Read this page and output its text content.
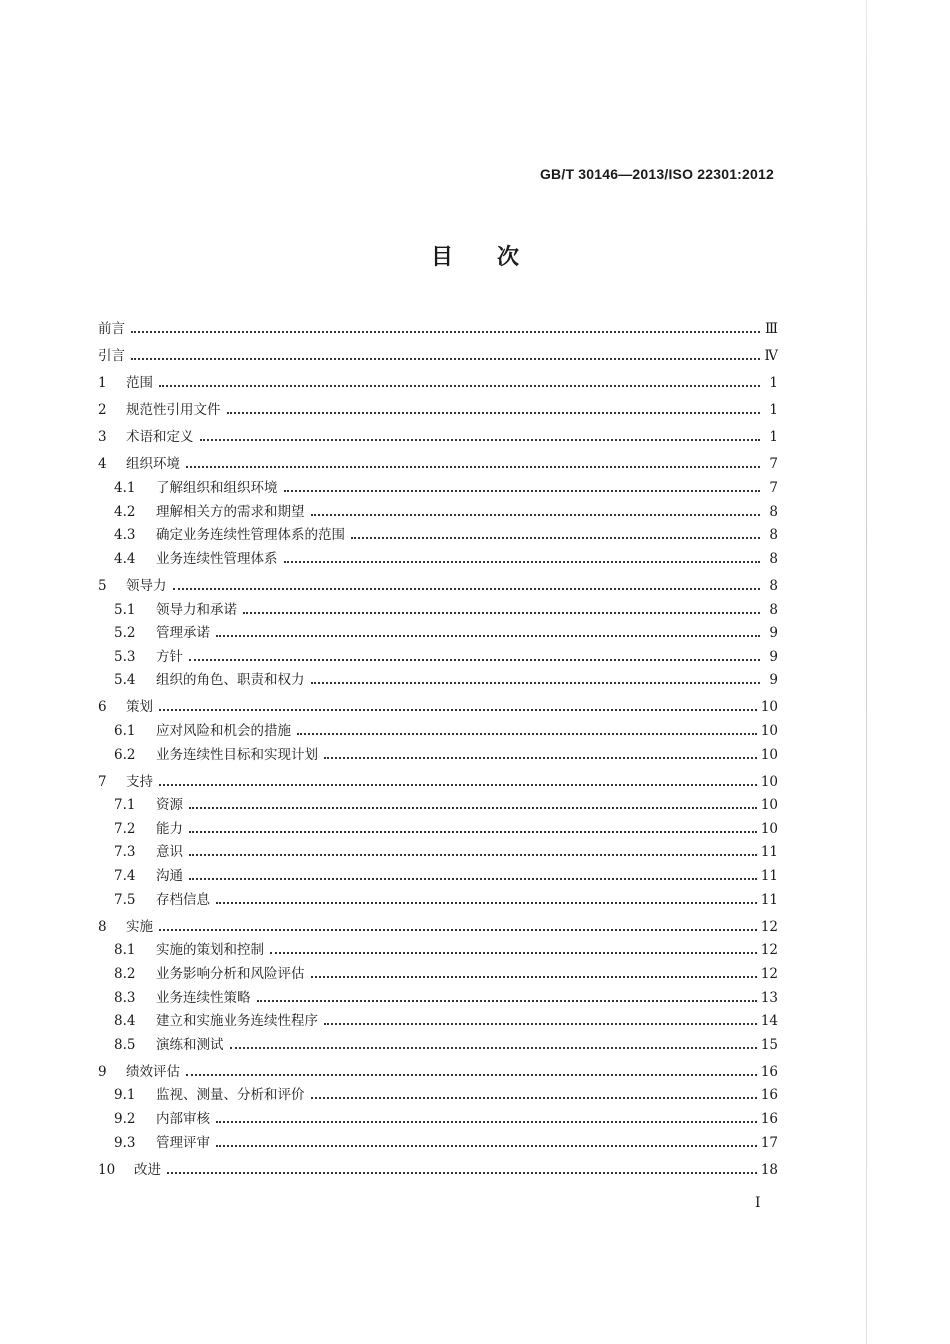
GB/T 30146—2013/ISO 22301:2012
目 次
前言	Ⅲ
引言	Ⅳ
1	范围	1
2	规范性引用文件	1
3	术语和定义	1
4	组织环境	7
4.1	了解组织和组织环境	7
4.2	理解相关方的需求和期望	8
4.3	确定业务连续性管理体系的范围	8
4.4	业务连续性管理体系	8
5	领导力	8
5.1	领导力和承诺	8
5.2	管理承诺	9
5.3	方针	9
5.4	组织的角色、职责和权力	9
6	策划	10
6.1	应对风险和机会的措施	10
6.2	业务连续性目标和实现计划	10
7	支持	10
7.1	资源	10
7.2	能力	10
7.3	意识	11
7.4	沟通	11
7.5	存档信息	11
8	实施	12
8.1	实施的策划和控制	12
8.2	业务影响分析和风险评估	12
8.3	业务连续性策略	13
8.4	建立和实施业务连续性程序	14
8.5	演练和测试	15
9	绩效评估	16
9.1	监视、测量、分析和评价	16
9.2	内部审核	16
9.3	管理评审	17
10	改进	18
I
